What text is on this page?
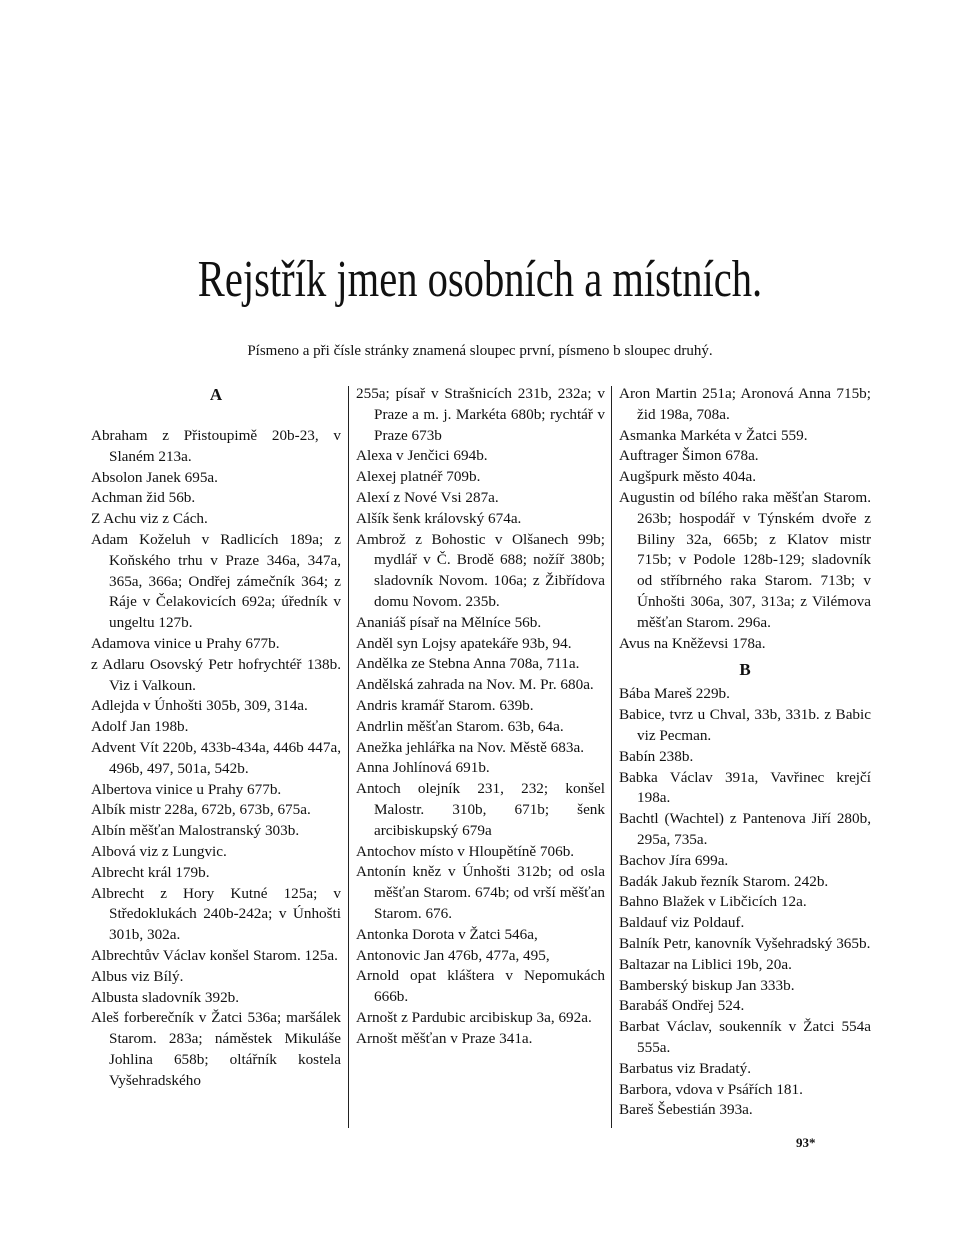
Rejstřík jmen osobních a místních.
Písmeno a při čísle stránky znamená sloupec první, písmeno b sloupec druhý.
A

Abraham z Přistoupimě 20b-23, v Slaném 213a.

Absolon Janek 695a.

Achman žid 56b.

Z Achu viz z Cách.

Adam Koželuh v Radlicích 189a; z Koňského trhu v Praze 346a, 347a, 365a, 366a; Ondřej zámečník 364; z Ráje v Čelakovicích 692a; úředník v ungeltu 127b.

Adamova vinice u Prahy 677b.

z Adlaru Osovský Petr hofrychtéř 138b. Viz i Valkoun.

Adlejda v Únhošti 305b, 309, 314a.

Adolf Jan 198b.

Advent Vít 220b, 433b-434a, 446b 447a, 496b, 497, 501a, 542b.

Albertova vinice u Prahy 677b.

Albík mistr 228a, 672b, 673b, 675a.

Albín měšťan Malostranský 303b.

Albová viz z Lungvic.

Albrecht král 179b.

Albrecht z Hory Kutné 125a; v Středoklukách 240b-242a; v Únhošti 301b, 302a.

Albrechtův Václav konšel Starom. 125a.

Albus viz Bílý.

Albusta sladovník 392b.

Aleš forberečník v Žatci 536a; maršálek Starom. 283a; náměstek Mikuláše Johlina 658b; oltářník kostela Vyšehradského

255a; písař v Strašnicích 231b, 232a; v Praze a m. j. Markéta 680b; rychtář v Praze 673b

Alexa v Jenčici 694b.

Alexej platnéř 709b.

Alexí z Nové Vsi 287a.

Alšík šenk královský 674a.

Ambrož z Bohostic v Olšanech 99b; mydlář v Č. Brodě 688; nožíř 380b; sladovník Novom. 106a; z Žibřídova domu Novom. 235b.

Ananiáš písař na Mělníce 56b.

Anděl syn Lojsy apatekáře 93b, 94.

Andělka ze Stebna Anna 708a, 711a.

Andělská zahrada na Nov. M. Pr. 680a.

Andris kramář Starom. 639b.

Andrlin měšťan Starom. 63b, 64a.

Anežka jehlářka na Nov. Městě 683a.

Anna Johlínová 691b.

Antoch olejník 231, 232; konšel Malostr. 310b, 671b; šenk arcibiskupský 679a

Antochov místo v Hloupětíně 706b.

Antonín kněz v Únhošti 312b; od osla měšťan Starom. 674b; od vrší měšťan Starom. 676.

Antonka Dorota v Žatci 546a,

Antonovic Jan 476b, 477a, 495,

Arnold opat kláštera v Nepomukách 666b.

Arnošt z Pardubic arcibiskup 3a, 692a.

Arnošt měšťan v Praze 341a.

Aron Martin 251a; Aronová Anna 715b; žid 198a, 708a.

Asmanka Markéta v Žatci 559.

Auftrager Šimon 678a.

Augšpurk město 404a.

Augustin od bílého raka měšťan Starom. 263b; hospodář v Týnském dvoře z Biliny 32a, 665b; z Klatov mistr 715b; v Podole 128b-129; sladovník od stříbrného raka Starom. 713b; v Únhošti 306a, 307, 313a; z Vilémova měšťan Starom. 296a.

Avus na Kněževsi 178a.

B

Bába Mareš 229b.

Babice, tvrz u Chval, 33b, 331b. z Babic viz Pecman.

Babín 238b.

Babka Václav 391a, Vavřinec krejčí 198a.

Bachtl (Wachtel) z Pantenova Jiří 280b, 295a, 735a.

Bachov Jíra 699a.

Badák Jakub řezník Starom. 242b.

Bahno Blažek v Libčicích 12a.

Baldauf viz Poldauf.

Balník Petr, kanovník Vyšehradský 365b.

Baltazar na Liblici 19b, 20a.

Bamberský biskup Jan 333b.

Barabáš Ondřej 524.

Barbat Václav, soukenník v Žatci 554a 555a.

Barbatus viz Bradatý.

Barbora, vdova v Psářích 181.

Bareš Šebestián 393a.

93*
